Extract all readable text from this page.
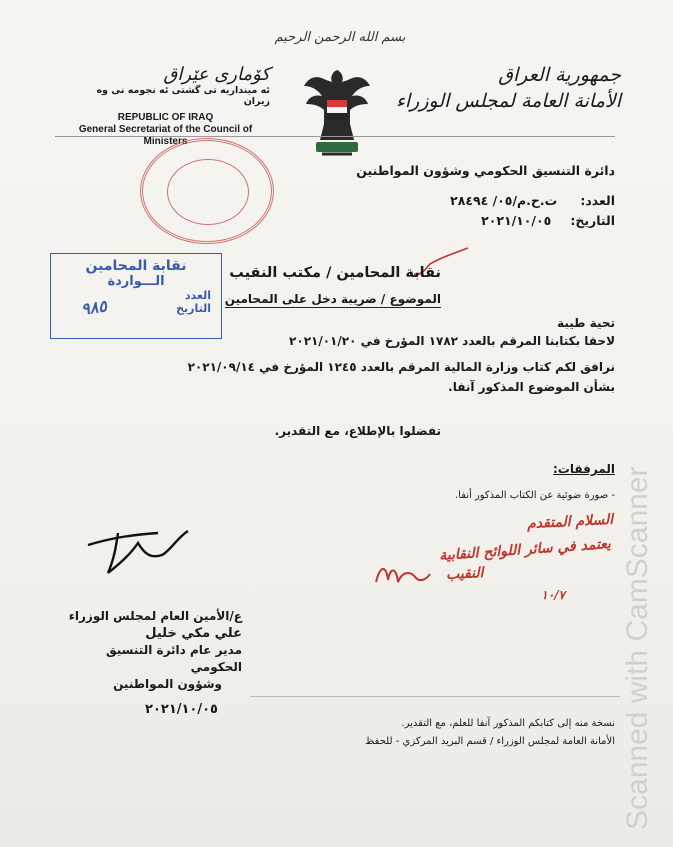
بسم الله الرحمن الرحيم
جمهورية العراق
الأمانة العامة لمجلس الوزراء
کۆماری عێراق
ئه مینداریه تی گشتی ئه نجومه نی وه زیران
REPUBLIC OF IRAQ
General Secretariat of the Council of Ministers
دائرة التنسيق الحكومي وشؤون المواطنين
العدد: ت.ح.م/٠٥/ ٢٨٤٩٤
التاريخ: ٢٠٢١/١٠/٠٥
نقابة المحامين
الـــواردة
العدد
التاريخ
٩٨٥
نقابة المحامين / مكتب النقيب
الموضوع / ضريبة دخل على المحامين
تحية طيبة
لاحقا بكتابنا المرقم بالعدد ١٧٨٢ المؤرخ في ٢٠٢١/٠١/٢٠
نرافق لكم كتاب وزارة المالية المرقم بالعدد ١٢٤٥ المؤرخ في ٢٠٢١/٠٩/١٤
بشأن الموضوع المذكور آنفا.
تفضلوا بالإطلاع، مع التقدير.
المرفقات:
- صورة ضوئية عن الكتاب المذكور أنفا.
السلام المتقدم
يعتمد في سائر اللوائح النقابية
النقيب
١٠/٧
ع/الأمين العام لمجلس الوزراء
علي مكي خليل
مدير عام دائرة التنسيق الحكومي
وشؤون المواطنين
٢٠٢١/١٠/٠٥
نسخة منه إلى كتابكم المذكور آنفا للعلم، مع التقدير.
الأمانة العامة لمجلس الوزراء / قسم البريد المركزي - للحفظ Scanned with CamScanner
